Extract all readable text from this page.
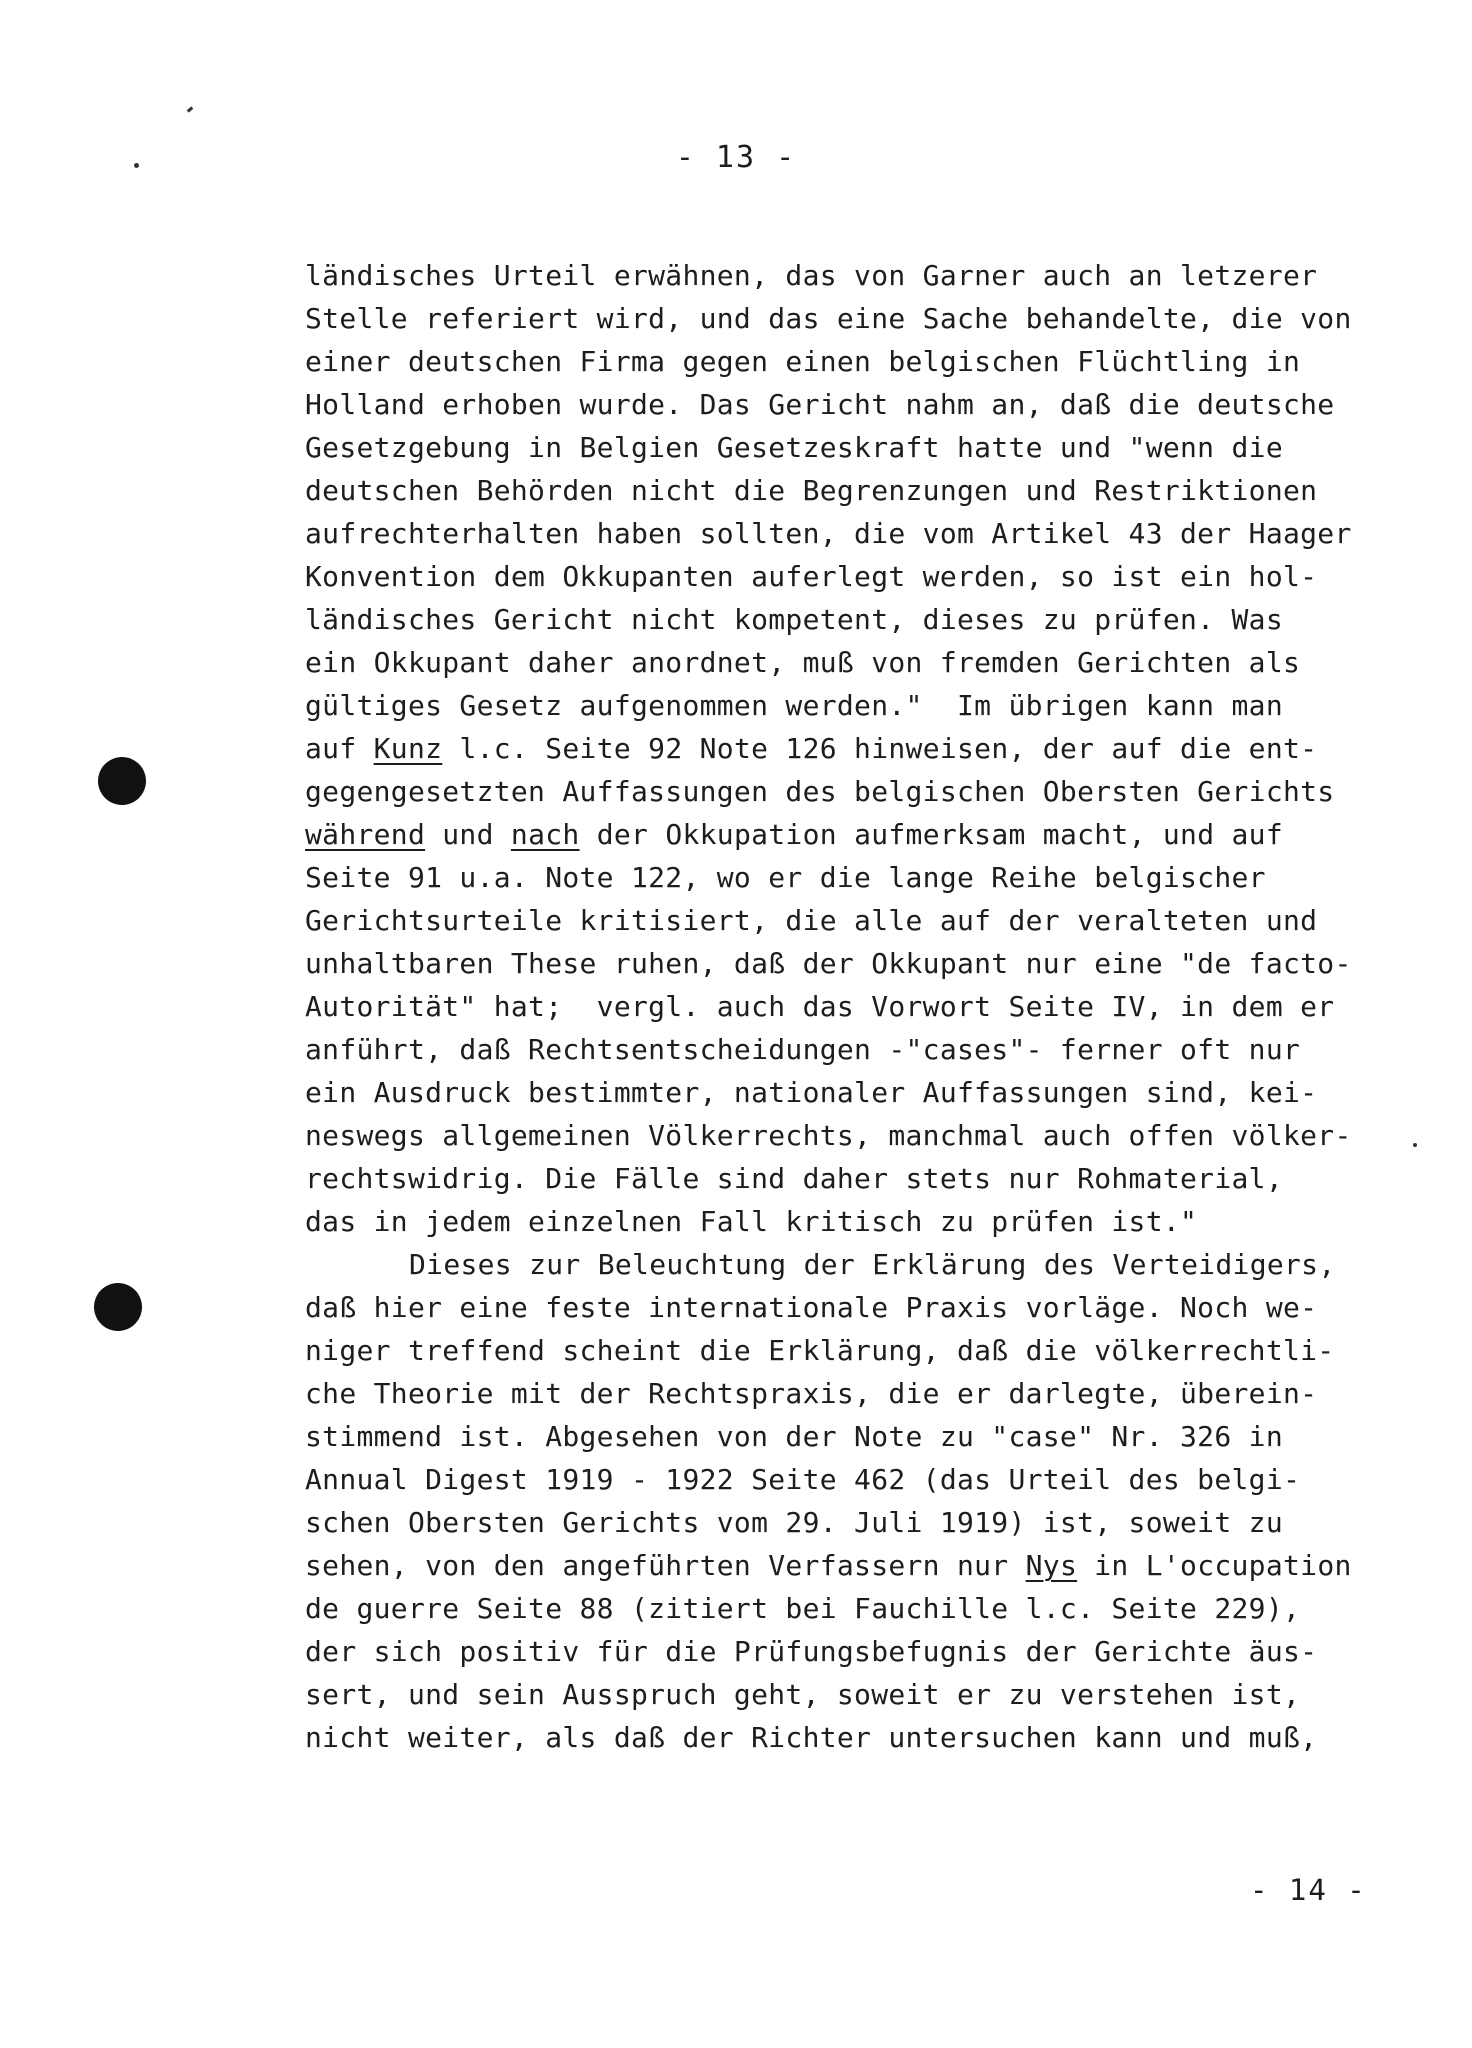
- 13 -
ländisches Urteil erwähnen, das von Garner auch an letzerer
Stelle referiert wird, und das eine Sache behandelte, die von
einer deutschen Firma gegen einen belgischen Flüchtling in
Holland erhoben wurde. Das Gericht nahm an, daß die deutsche
Gesetzgebung in Belgien Gesetzeskraft hatte und "wenn die
deutschen Behörden nicht die Begrenzungen und Restriktionen
aufrechterhalten haben sollten, die vom Artikel 43 der Haager
Konvention dem Okkupanten auferlegt werden, so ist ein hol-
ländisches Gericht nicht kompetent, dieses zu prüfen. Was
ein Okkupant daher anordnet, muß von fremden Gerichten als
gültiges Gesetz aufgenommen werden."  Im übrigen kann man
auf Kunz l.c. Seite 92 Note 126 hinweisen, der auf die ent-
gegengesetzten Auffassungen des belgischen Obersten Gerichts
während und nach der Okkupation aufmerksam macht, und auf
Seite 91 u.a. Note 122, wo er die lange Reihe belgischer
Gerichtsurteile kritisiert, die alle auf der veralteten und
unhaltbaren These ruhen, daß der Okkupant nur eine "de facto-
Autorität" hat;  vergl. auch das Vorwort Seite IV, in dem er
anführt, daß Rechtsentscheidungen -"cases"- ferner oft nur
ein Ausdruck bestimmter, nationaler Auffassungen sind, kei-
neswegs allgemeinen Völkerrechts, manchmal auch offen völker-
rechtswidrig. Die Fälle sind daher stets nur Rohmaterial,
das in jedem einzelnen Fall kritisch zu prüfen ist."
Dieses zur Beleuchtung der Erklärung des Verteidigers,
daß hier eine feste internationale Praxis vorläge. Noch we-
niger treffend scheint die Erklärung, daß die völkerrechtli-
che Theorie mit der Rechtspraxis, die er darlegte, überein-
stimmend ist. Abgesehen von der Note zu "case" Nr. 326 in
Annual Digest 1919 - 1922 Seite 462 (das Urteil des belgi-
schen Obersten Gerichts vom 29. Juli 1919) ist, soweit zu
sehen, von den angeführten Verfassern nur Nys in L'occupation
de guerre Seite 88 (zitiert bei Fauchille l.c. Seite 229),
der sich positiv für die Prüfungsbefugnis der Gerichte äus-
sert, und sein Ausspruch geht, soweit er zu verstehen ist,
nicht weiter, als daß der Richter untersuchen kann und muß,
- 14 -
